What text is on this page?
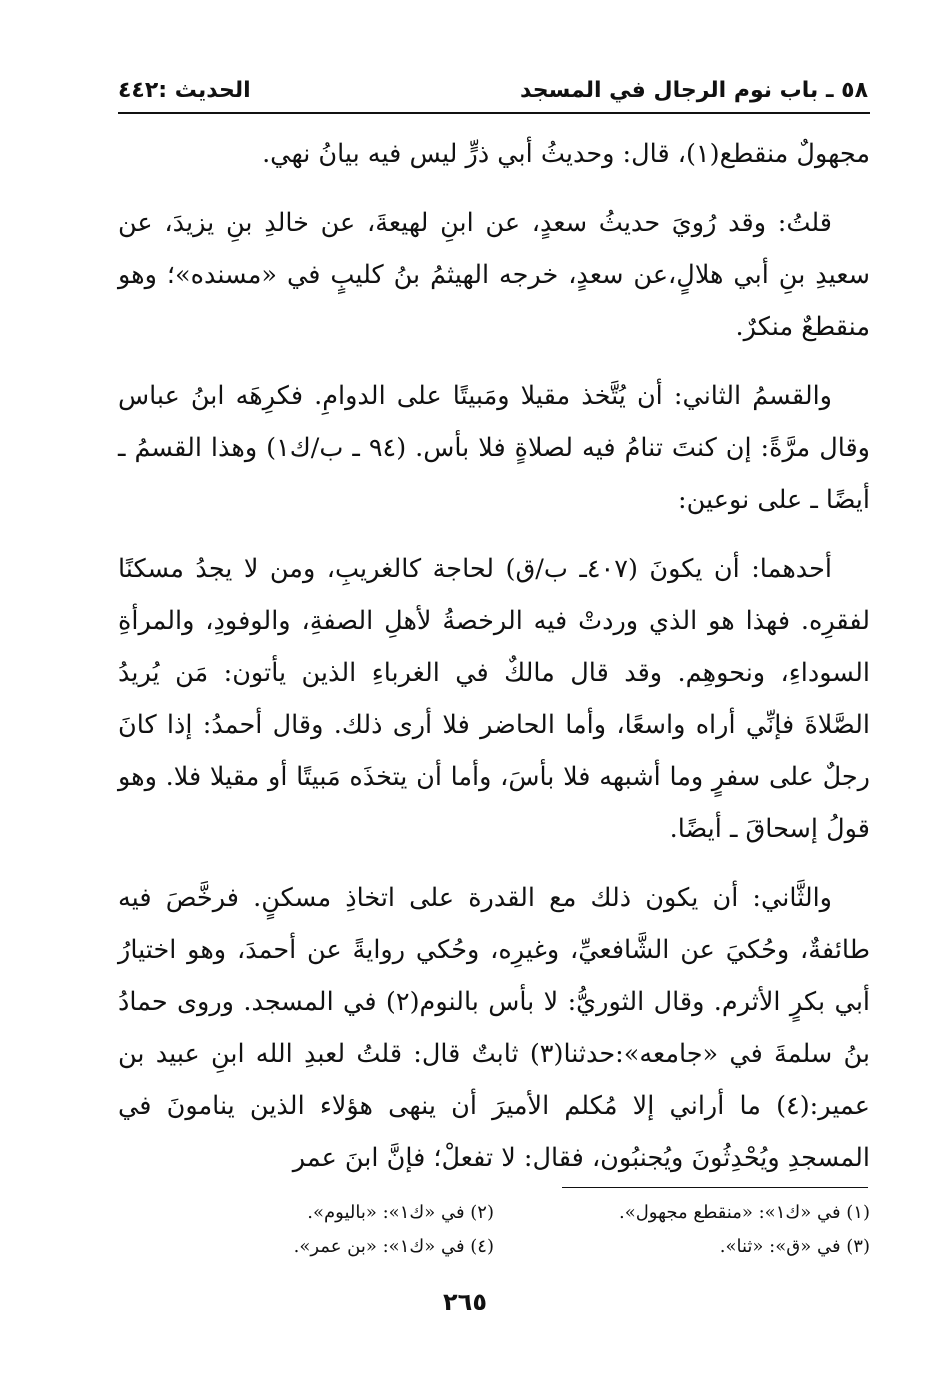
٥٨ ـ باب نوم الرجال في المسجد
الحديث :٤٤٢

مجهولٌ منقطع(١)، قال: وحديثُ أبي ذرٍّ ليس فيه بيانُ نهي.

قلتُ: وقد رُويَ حديثُ سعدٍ، عن ابنِ لهيعةَ، عن خالدِ بنِ يزيدَ، عن سعيدِ بنِ أبي هلالٍ،عن سعدٍ، خرجه الهيثمُ بنُ كليبٍ في «مسنده»؛ وهو منقطعٌ منكرٌ.

والقسمُ الثاني: أن يُتَّخذ مقيلا ومَبيتًا على الدوامِ. فكرِهَه ابنُ عباس وقال مرَّةً: إن كنتَ تنامُ فيه لصلاةٍ فلا بأس. (٩٤ ـ ب/ك١) وهذا القسمُ ـ أيضًا ـ على نوعين:

أحدهما: أن يكونَ (٤٠٧ـ ب/ق) لحاجة كالغريبِ، ومن لا يجدُ مسكنًا لفقرِه. فهذا هو الذي وردتْ فيه الرخصةُ لأهلِ الصفةِ، والوفودِ، والمرأةِ السوداءِ، ونحوهِم. وقد قال مالكٌ في الغرباءِ الذين يأتون: مَن يُريدُ الصَّلاةَ فإنِّي أراه واسعًا، وأما الحاضر فلا أرى ذلك. وقال أحمدُ: إذا كانَ رجلٌ على سفرٍ وما أشبهه فلا بأسَ، وأما أن يتخذَه مَبيتًا أو مقيلا فلا. وهو قولُ إسحاقَ ـ أيضًا.

والثَّاني: أن يكون ذلك مع القدرة على اتخاذِ مسكنٍ. فرخَّصَ فيه طائفةٌ، وحُكيَ عن الشَّافعيِّ، وغيرِه، وحُكي روايةً عن أحمدَ، وهو اختيارُ أبي بكرٍ الأثرم. وقال الثوريُّ: لا بأس بالنوم(٢) في المسجد. وروى حمادُ بنُ سلمةَ في «جامعه»:حدثنا(٣) ثابتٌ قال: قلتُ لعبدِ الله ابنِ عبيد بن عمير:(٤) ما أراني إلا مُكلم الأميرَ أن ينهى هؤلاء الذين ينامونَ في المسجدِ ويُحْدِثُونَ ويُجنبُون، فقال: لا تفعلْ؛ فإنَّ ابنَ عمر

(١) في «ك١»: «منقطع مجهول».
(٢) في «ك١»: «باليوم».
(٣) في «ق»: «ثنا».
(٤) في «ك١»: «بن عمر».
٢٦٥
